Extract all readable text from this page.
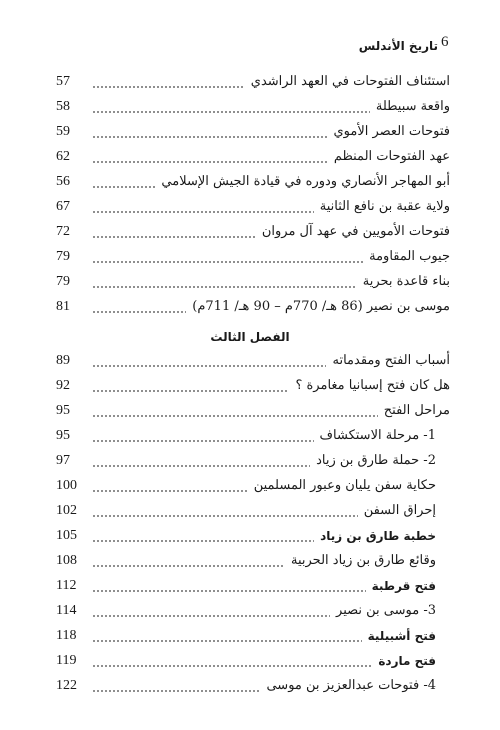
6
تاريخ الأندلس
استئناف الفتوحات في العهد الراشدي
57
واقعة سبيطلة
58
فتوحات العصر الأموي
59
عهد الفتوحات المنظم
62
أبو المهاجر الأنصاري ودوره في قيادة الجيش الإسلامي
56
ولاية عقبة بن نافع الثانية
67
فتوحات الأمويين في عهد آل مروان
72
جيوب المقاومة
79
بناء قاعدة بحرية
79
موسى بن نصير (86 هـ/ 770م – 90 هـ/ 711م)
81
الفصل الثالث
أسباب الفتح ومقدماته
89
هل كان فتح إسبانيا مغامرة ؟
92
مراحل الفتح
95
1- مرحلة الاستكشاف
95
2- حملة طارق بن زياد
97
حكاية سفن يليان وعبور المسلمين
100
إحراق السفن
102
خطبة طارق بن زياد
105
وقائع طارق بن زياد الحربية
108
فتح قرطبة
112
3- موسى بن نصير
114
فتح أشبيلية
118
فتح ماردة
119
4- فتوحات عبدالعزيز بن موسى
122
